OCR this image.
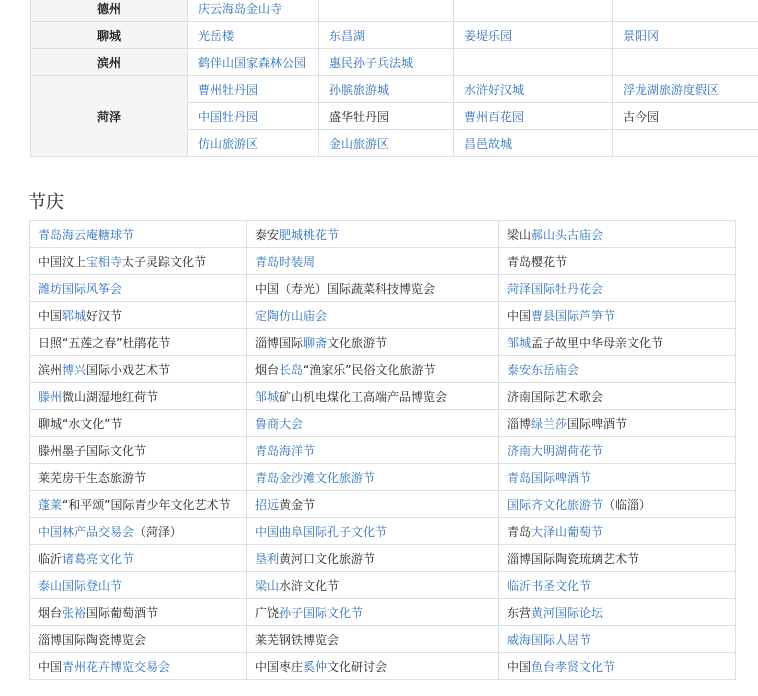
德州	庆云海岛金山寺			
聊城	光岳楼	东昌湖	姜堤乐园	景阳冈
滨州	鹤伴山国家森林公园	惠民孙子兵法城		
菏泽	曹州牡丹园	孙膑旅游城	水浒好汉城	浮龙湖旅游度假区
	中国牡丹园	盛华牡丹园	曹州百花园	古今园
	仿山旅游区	金山旅游区	昌邑故城	
节庆
青岛海云庵糖球节	泰安肥城桃花节	梁山郝山头古庙会
中国汶上宝相寺太子灵踪文化节	青岛时装周	青岛樱花节
潍坊国际风筝会	中国（寿光）国际蔬菜科技博览会	菏泽国际牡丹花会
中国郓城好汉节	定陶仿山庙会	中国曹县国际芦笋节
日照“五莲之春”杜鹃花节	淄博国际聊斋文化旅游节	邹城孟子故里中华母亲文化节
滨州博兴国际小戏艺术节	烟台长岛“渔家乐”民俗文化旅游节	泰安东岳庙会
滕州微山湖湿地红荷节	邹城矿山机电煤化工高端产品博览会	济南国际艺术歌会
聊城“水文化”节	鲁商大会	淄博绿兰莎国际啤酒节
滕州墨子国际文化节	青岛海洋节	济南大明湖荷花节
莱芜房干生态旅游节	青岛金沙滩文化旅游节	青岛国际啤酒节
蓬莱“和平颂”国际青少年文化艺术节	招远黄金节	国际齐文化旅游节（临淄）
中国林产品交易会（菏泽）	中国曲阜国际孔子文化节	青岛大泽山葡萄节
临沂诸葛亮文化节	垦利黄河口文化旅游节	淄博国际陶瓷琉璃艺术节
泰山国际登山节	梁山水浒文化节	临沂书圣文化节
烟台张裕国际葡萄酒节	广饶孙子国际文化节	东营黄河国际论坛
淄博国际陶瓷博览会	莱芜钢铁博览会	威海国际人居节
中国青州花卉博览交易会	中国枣庄奚仲文化研讨会	中国鱼台孝贤文化节
